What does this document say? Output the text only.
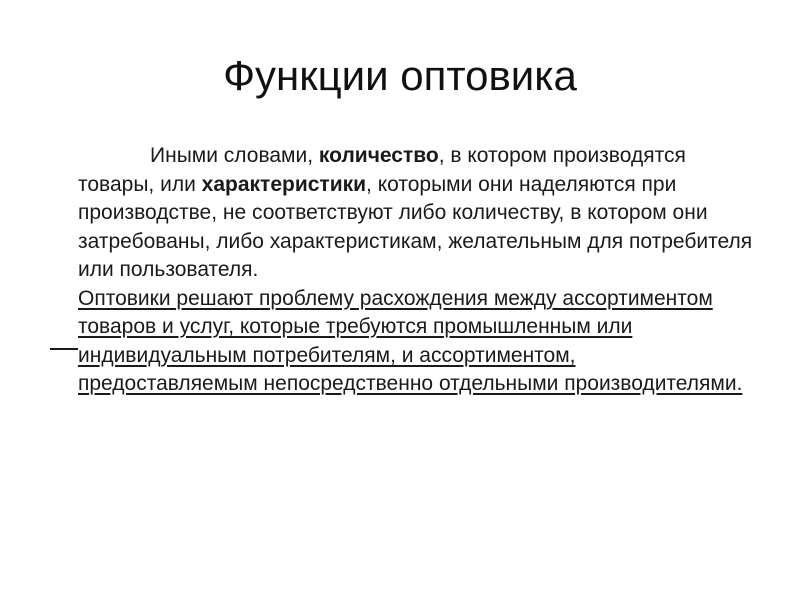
Функции оптовика

Иными словами, количество, в котором производятся товары, или характеристики, которыми они наделяются при производстве, не соответствуют либо количеству, в котором они затребованы, либо характеристикам, желательным для потребителя или пользователя.

Оптовики решают проблему расхождения между ассортиментом товаров и услуг, которые требуются промышленным или индивидуальным потребителям, и ассортиментом, предоставляемым непосредственно отдельными производителями.
